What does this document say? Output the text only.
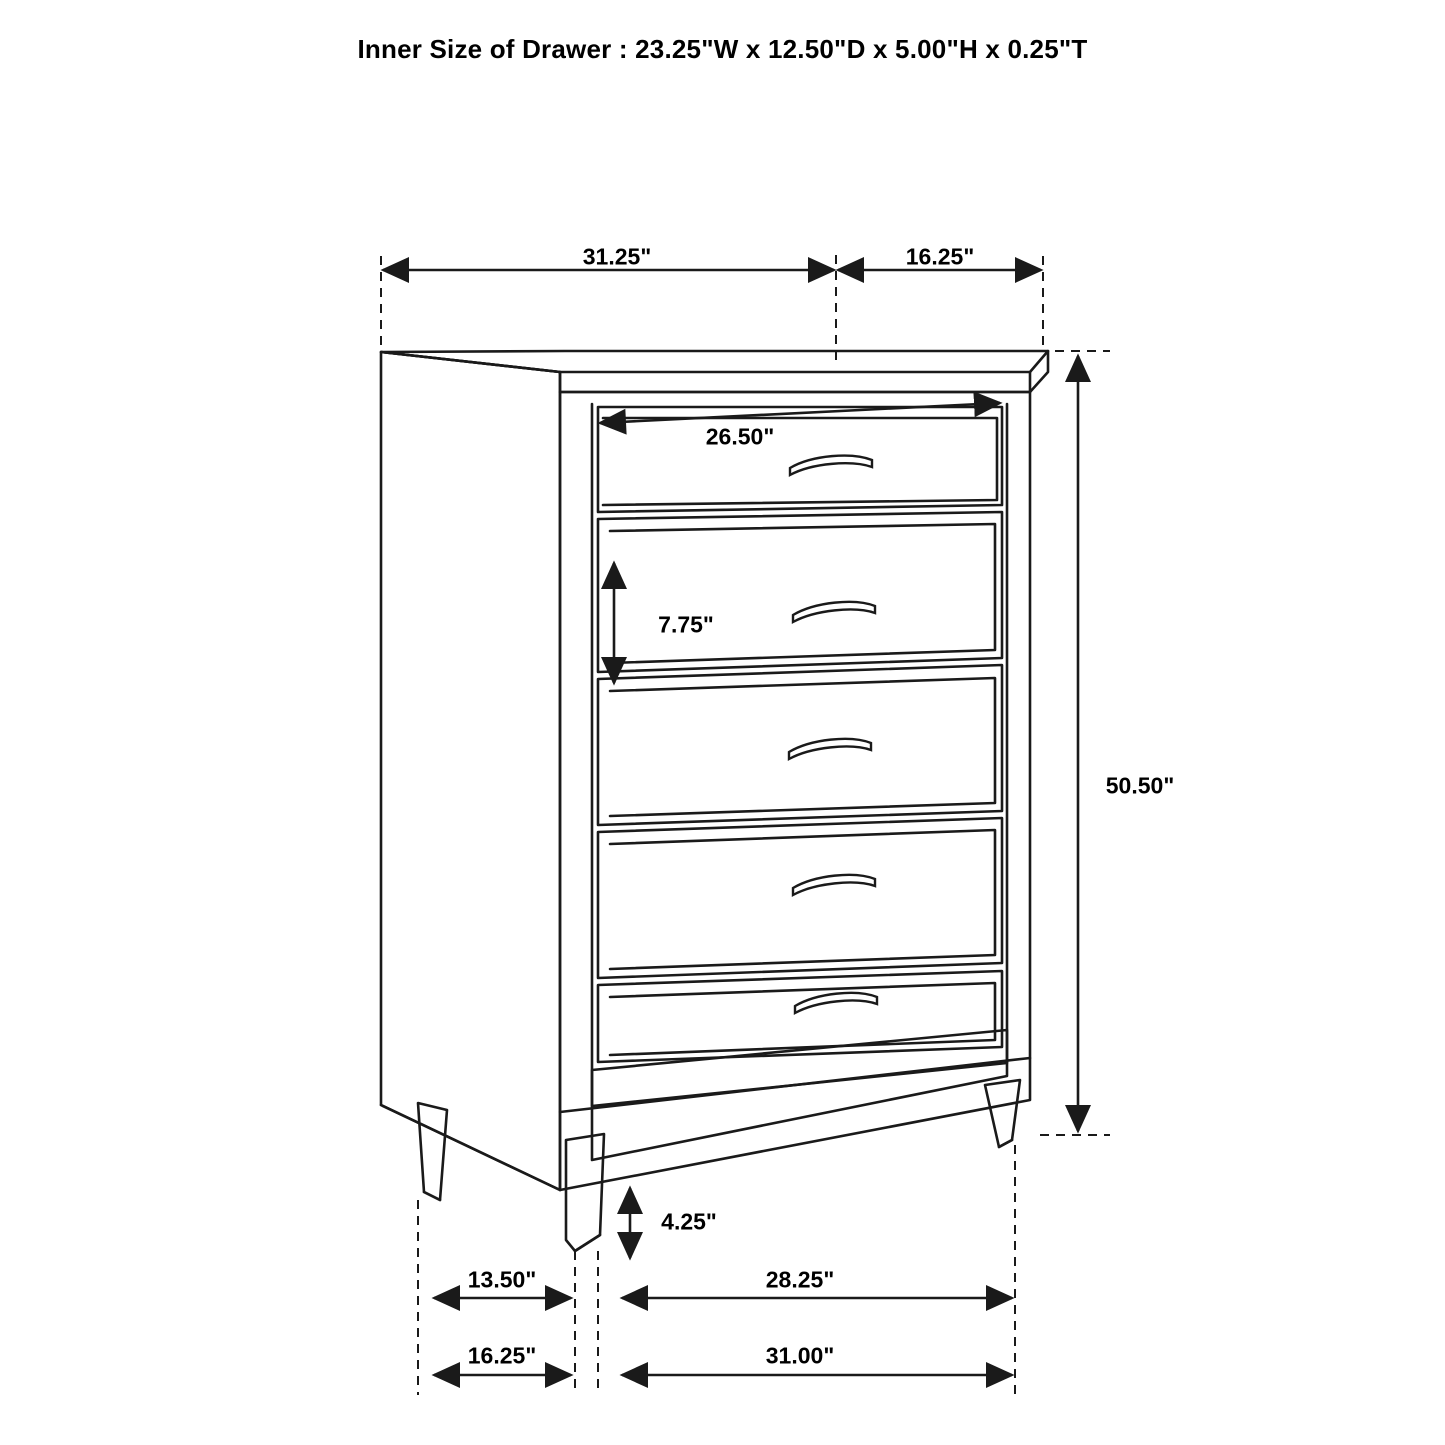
Inner Size of Drawer : 23.25"W x 12.50"D x 5.00"H x 0.25"T
31.25"	16.25"
26.50"
7.75"
50.50"
4.25"
13.50"	28.25"
16.25"	31.00"
